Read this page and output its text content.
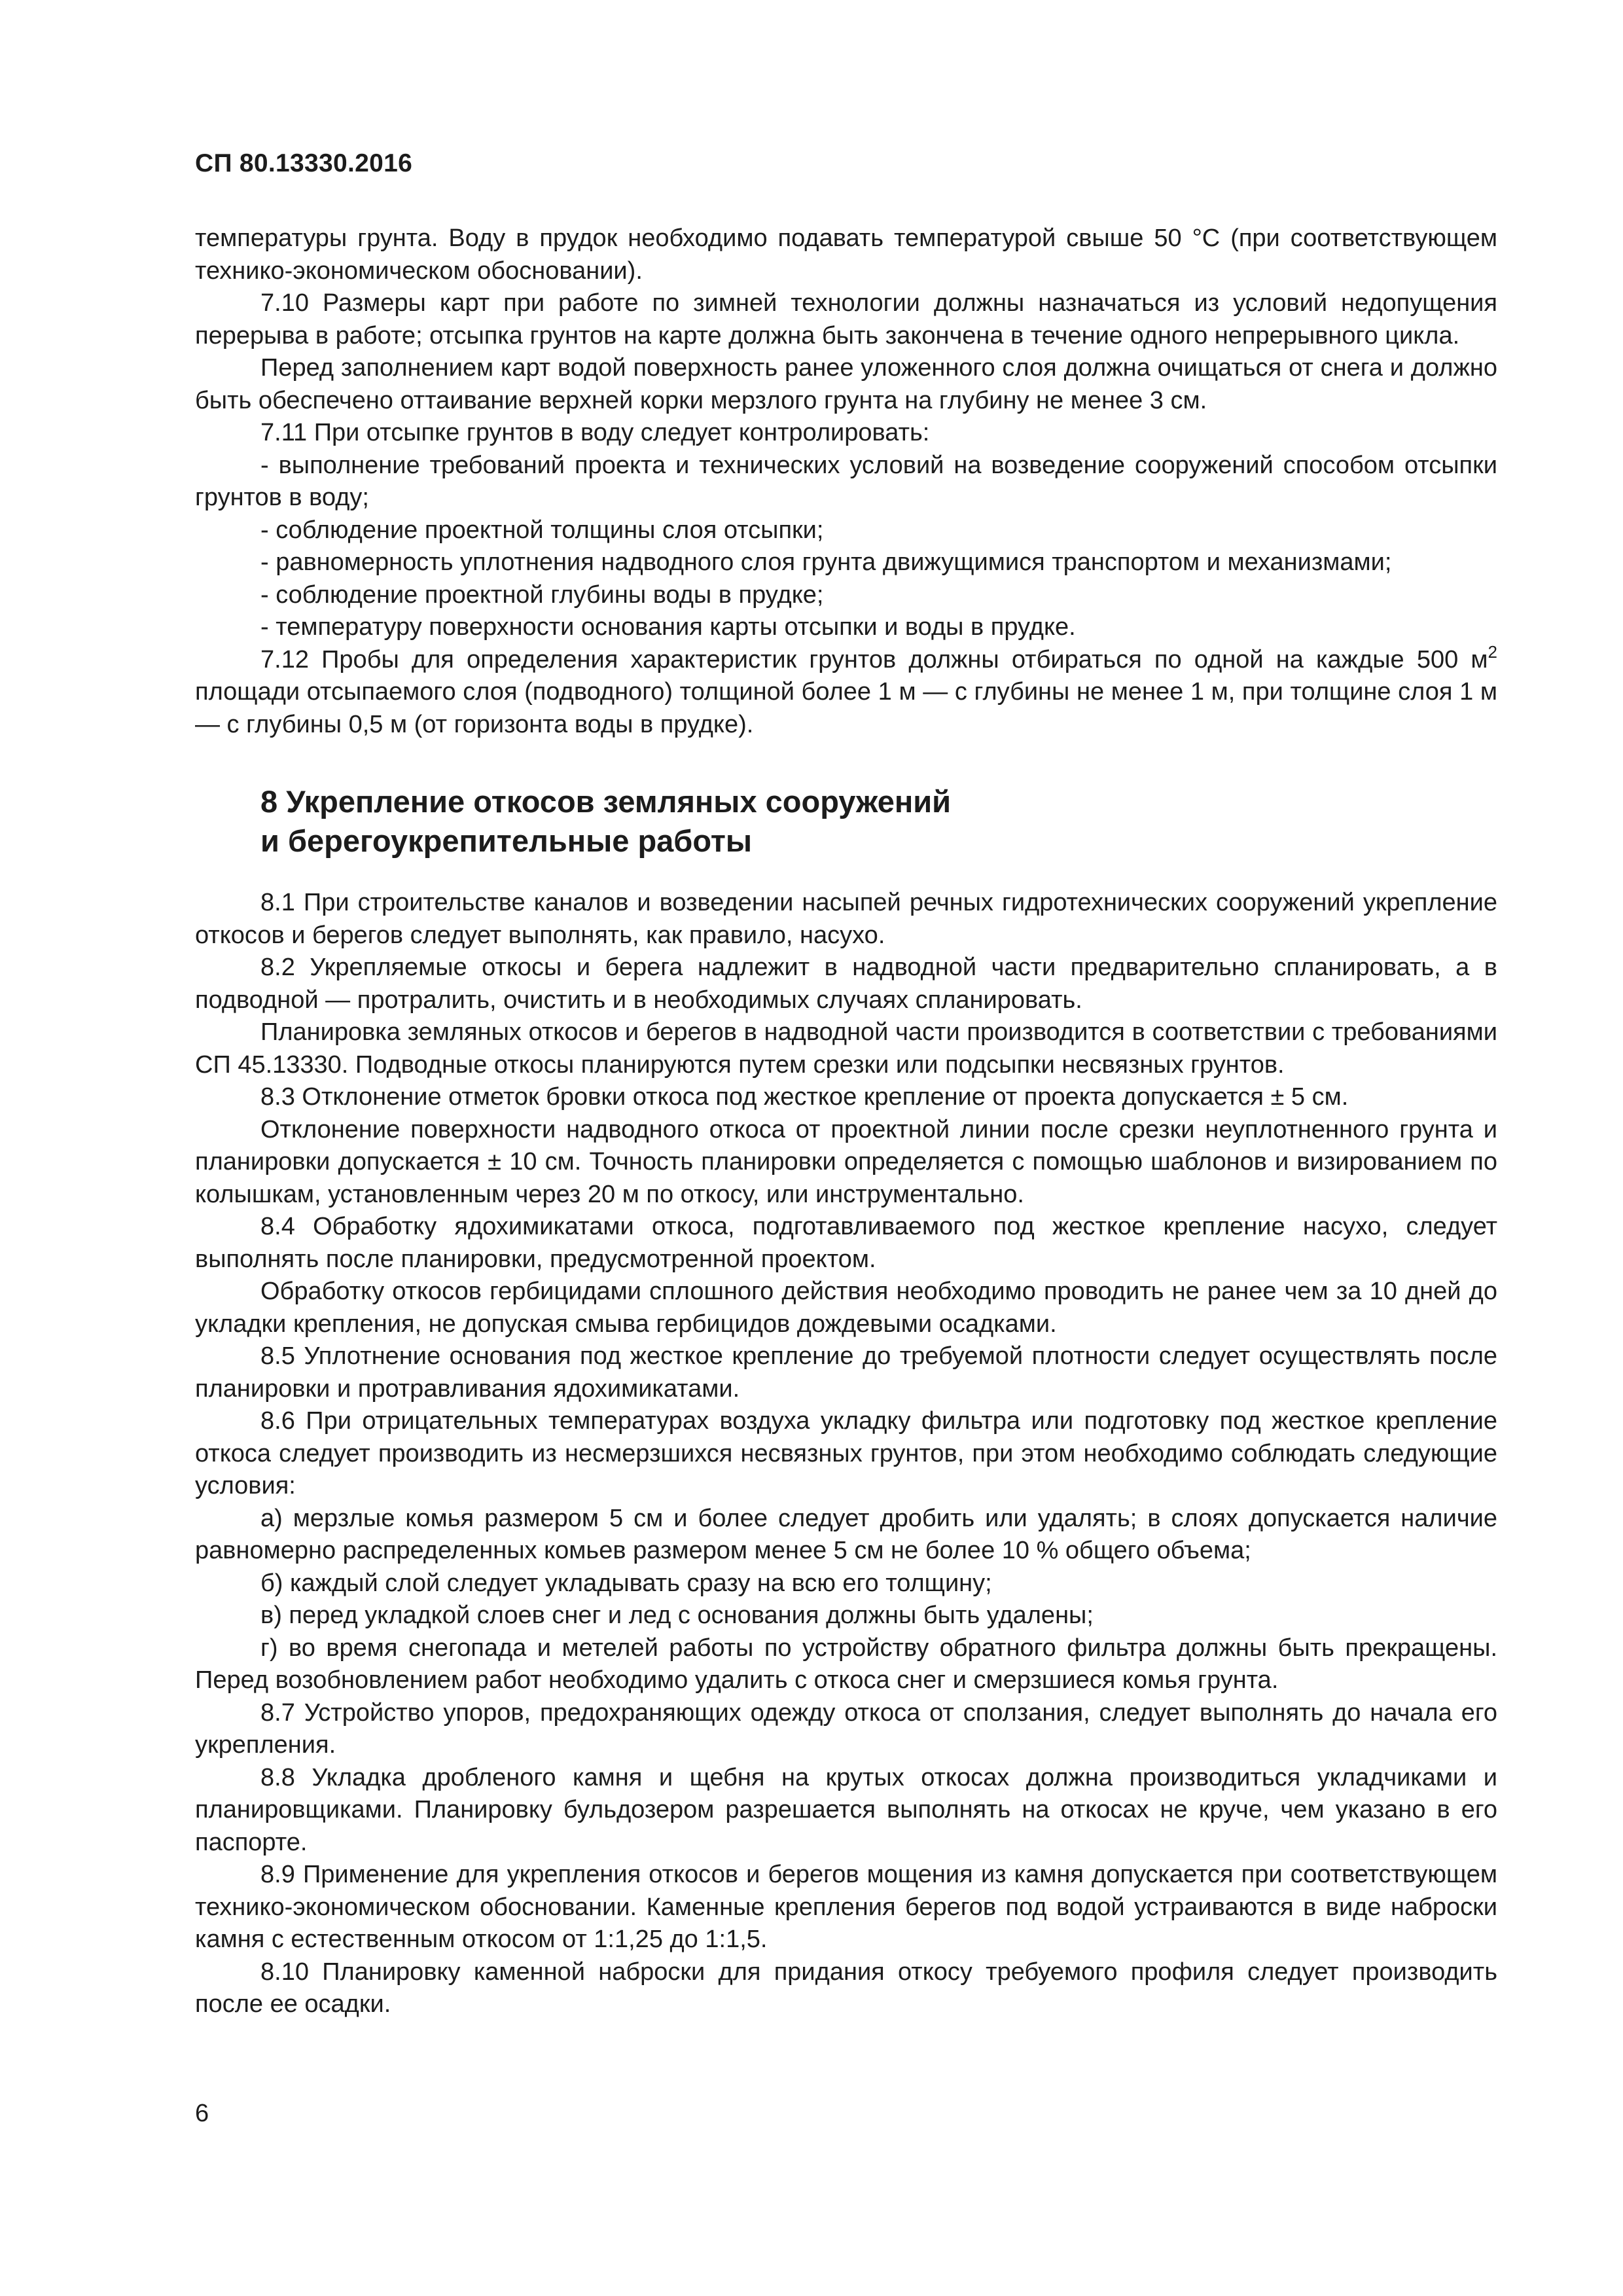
СП 80.13330.2016

температуры грунта. Воду в прудок необходимо подавать температурой свыше 50 °С (при соответствующем технико-экономическом обосновании).

7.10 Размеры карт при работе по зимней технологии должны назначаться из условий недопущения перерыва в работе; отсыпка грунтов на карте должна быть закончена в течение одного непрерывного цикла.

Перед заполнением карт водой поверхность ранее уложенного слоя должна очищаться от снега и должно быть обеспечено оттаивание верхней корки мерзлого грунта на глубину не менее 3 см.

7.11 При отсыпке грунтов в воду следует контролировать:

- выполнение требований проекта и технических условий на возведение сооружений способом отсыпки грунтов в воду;

- соблюдение проектной толщины слоя отсыпки;

- равномерность уплотнения надводного слоя грунта движущимися транспортом и механизмами;

- соблюдение проектной глубины воды в прудке;

- температуру поверхности основания карты отсыпки и воды в прудке.

7.12 Пробы для определения характеристик грунтов должны отбираться по одной на каждые 500 $м^2$ площади отсыпаемого слоя (подводного) толщиной более 1 м — с глубины не менее 1 м, при толщине слоя 1 м — с глубины 0,5 м (от горизонта воды в прудке).

8 Укрепление откосов земляных сооружений
и берегоукрепительные работы

8.1 При строительстве каналов и возведении насыпей речных гидротехнических сооружений укрепление откосов и берегов следует выполнять, как правило, насухо.

8.2 Укрепляемые откосы и берега надлежит в надводной части предварительно спланировать, а в подводной — протралить, очистить и в необходимых случаях спланировать.

Планировка земляных откосов и берегов в надводной части производится в соответствии с требованиями СП 45.13330. Подводные откосы планируются путем срезки или подсыпки несвязных грунтов.

8.3 Отклонение отметок бровки откоса под жесткое крепление от проекта допускается ± 5 см.

Отклонение поверхности надводного откоса от проектной линии после срезки неуплотненного грунта и планировки допускается ± 10 см. Точность планировки определяется с помощью шаблонов и визированием по колышкам, установленным через 20 м по откосу, или инструментально.

8.4 Обработку ядохимикатами откоса, подготавливаемого под жесткое крепление насухо, следует выполнять после планировки, предусмотренной проектом.

Обработку откосов гербицидами сплошного действия необходимо проводить не ранее чем за 10 дней до укладки крепления, не допуская смыва гербицидов дождевыми осадками.

8.5 Уплотнение основания под жесткое крепление до требуемой плотности следует осуществлять после планировки и протравливания ядохимикатами.

8.6 При отрицательных температурах воздуха укладку фильтра или подготовку под жесткое крепление откоса следует производить из несмерзшихся несвязных грунтов, при этом необходимо соблюдать следующие условия:

а) мерзлые комья размером 5 см и более следует дробить или удалять; в слоях допускается наличие равномерно распределенных комьев размером менее 5 см не более 10 % общего объема;

б) каждый слой следует укладывать сразу на всю его толщину;

в) перед укладкой слоев снег и лед с основания должны быть удалены;

г) во время снегопада и метелей работы по устройству обратного фильтра должны быть прекращены. Перед возобновлением работ необходимо удалить с откоса снег и смерзшиеся комья грунта.

8.7 Устройство упоров, предохраняющих одежду откоса от сползания, следует выполнять до начала его укрепления.

8.8 Укладка дробленого камня и щебня на крутых откосах должна производиться укладчиками и планировщиками. Планировку бульдозером разрешается выполнять на откосах не круче, чем указано в его паспорте.

8.9 Применение для укрепления откосов и берегов мощения из камня допускается при соответствующем технико-экономическом обосновании. Каменные крепления берегов под водой устраиваются в виде наброски камня с естественным откосом от 1:1,25 до 1:1,5.

8.10 Планировку каменной наброски для придания откосу требуемого профиля следует производить после ее осадки.

6
